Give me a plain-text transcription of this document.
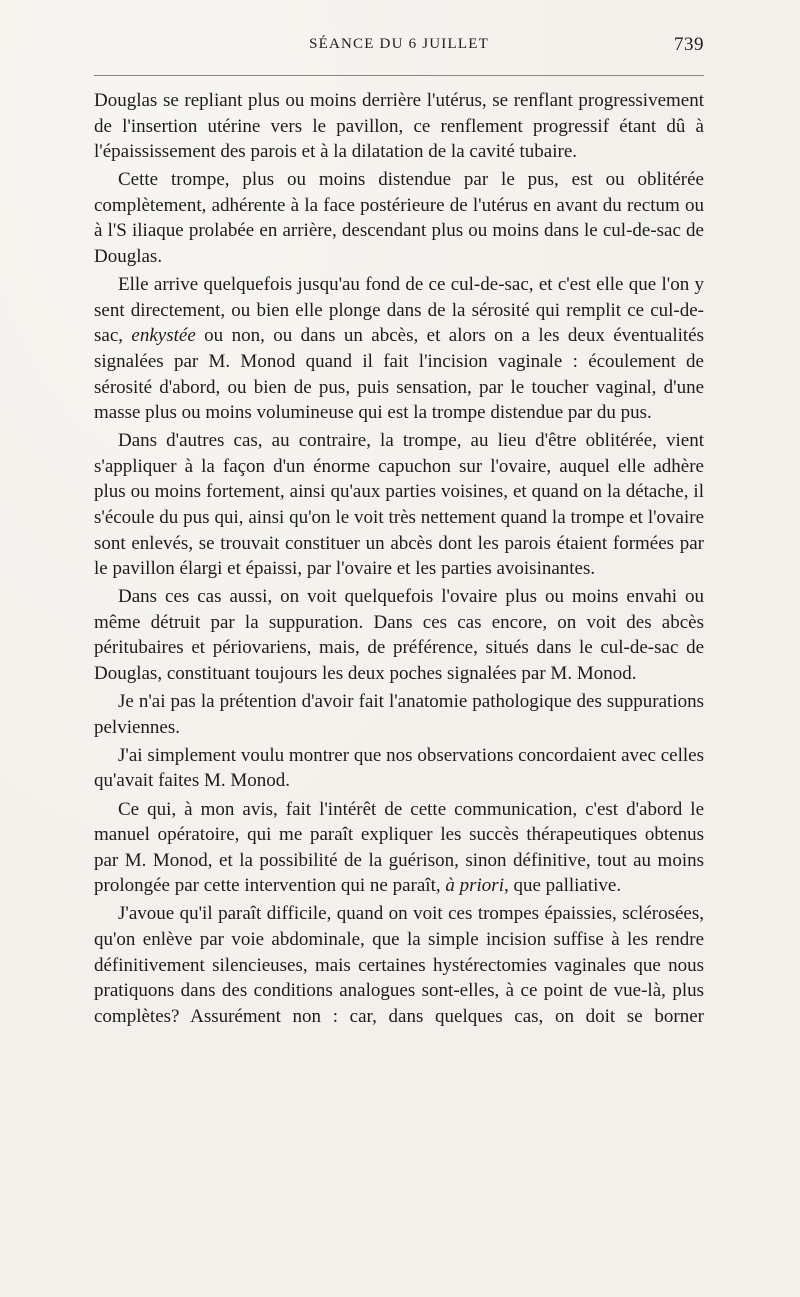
SÉANCE DU 6 JUILLET	739

Douglas se repliant plus ou moins derrière l'utérus, se renflant progressivement de l'insertion utérine vers le pavillon, ce renflement progressif étant dû à l'épaississement des parois et à la dilatation de la cavité tubaire.

Cette trompe, plus ou moins distendue par le pus, est ou oblitérée complètement, adhérente à la face postérieure de l'utérus en avant du rectum ou à l'S iliaque prolabée en arrière, descendant plus ou moins dans le cul-de-sac de Douglas.

Elle arrive quelquefois jusqu'au fond de ce cul-de-sac, et c'est elle que l'on y sent directement, ou bien elle plonge dans de la sérosité qui remplit ce cul-de-sac, enkystée ou non, ou dans un abcès, et alors on a les deux éventualités signalées par M. Monod quand il fait l'incision vaginale : écoulement de sérosité d'abord, ou bien de pus, puis sensation, par le toucher vaginal, d'une masse plus ou moins volumineuse qui est la trompe distendue par du pus.

Dans d'autres cas, au contraire, la trompe, au lieu d'être oblitérée, vient s'appliquer à la façon d'un énorme capuchon sur l'ovaire, auquel elle adhère plus ou moins fortement, ainsi qu'aux parties voisines, et quand on la détache, il s'écoule du pus qui, ainsi qu'on le voit très nettement quand la trompe et l'ovaire sont enlevés, se trouvait constituer un abcès dont les parois étaient formées par le pavillon élargi et épaissi, par l'ovaire et les parties avoisinantes.

Dans ces cas aussi, on voit quelquefois l'ovaire plus ou moins envahi ou même détruit par la suppuration. Dans ces cas encore, on voit des abcès péritubaires et périovariens, mais, de préférence, situés dans le cul-de-sac de Douglas, constituant toujours les deux poches signalées par M. Monod.

Je n'ai pas la prétention d'avoir fait l'anatomie pathologique des suppurations pelviennes.

J'ai simplement voulu montrer que nos observations concordaient avec celles qu'avait faites M. Monod.

Ce qui, à mon avis, fait l'intérêt de cette communication, c'est d'abord le manuel opératoire, qui me paraît expliquer les succès thérapeutiques obtenus par M. Monod, et la possibilité de la guérison, sinon définitive, tout au moins prolongée par cette intervention qui ne paraît, à priori, que palliative.

J'avoue qu'il paraît difficile, quand on voit ces trompes épaissies, sclérosées, qu'on enlève par voie abdominale, que la simple incision suffise à les rendre définitivement silencieuses, mais certaines hystérectomies vaginales que nous pratiquons dans des conditions analogues sont-elles, à ce point de vue-là, plus complètes? Assurément non : car, dans quelques cas, on doit se borner
